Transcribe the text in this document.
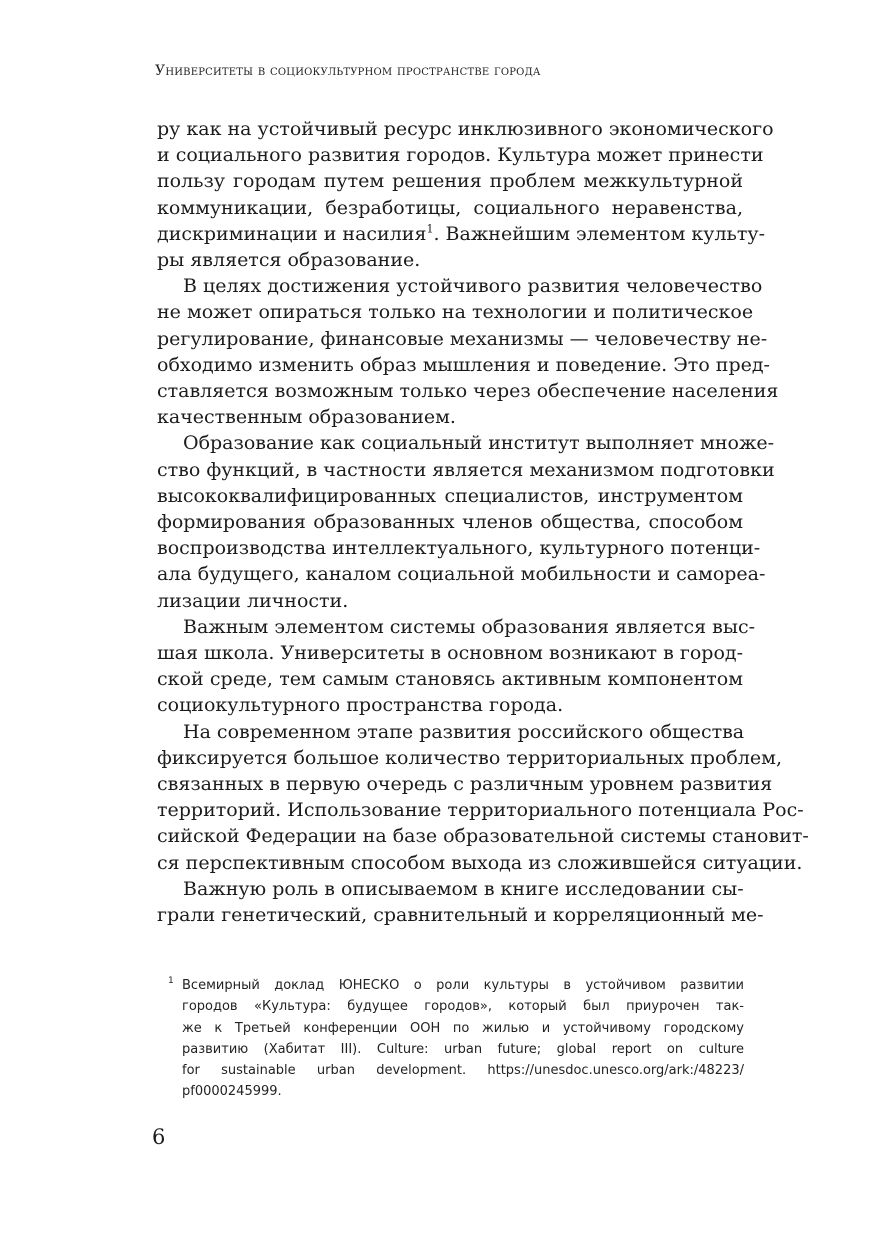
Университеты в социокультурном пространстве города
ру как на устойчивый ресурс инклюзивного экономического
и социального развития городов. Культура может принести
пользу городам путем решения проблем межкультурной
коммуникации, безработицы, социального неравенства,
дискриминации и насилия$^1$. Важнейшим элементом культу-
ры является образование.
В целях достижения устойчивого развития человечество
не может опираться только на технологии и политическое
регулирование, финансовые механизмы — человечеству не-
обходимо изменить образ мышления и поведение. Это пред-
ставляется возможным только через обеспечение населения
качественным образованием.
Образование как социальный институт выполняет множе-
ство функций, в частности является механизмом подготовки
высококвалифицированных специалистов, инструментом
формирования образованных членов общества, способом
воспроизводства интеллектуального, культурного потенци-
ала будущего, каналом социальной мобильности и самореа-
лизации личности.
Важным элементом системы образования является выс-
шая школа. Университеты в основном возникают в город-
ской среде, тем самым становясь активным компонентом
социокультурного пространства города.
На современном этапе развития российского общества
фиксируется большое количество территориальных проблем,
связанных в первую очередь с различным уровнем развития
территорий. Использование территориального потенциала Рос-
сийской Федерации на базе образовательной системы становит-
ся перспективным способом выхода из сложившейся ситуации.
Важную роль в описываемом в книге исследовании сы-
грали генетический, сравнительный и корреляционный ме-
1 Всемирный доклад ЮНЕСКО о роли культуры в устойчивом развитии
городов «Культура: будущее городов», который был приурочен так-
же к Третьей конференции ООН по жилью и устойчивому городскому
развитию (Хабитат III). Culture: urban future; global report on culture
for sustainable urban development. https://unesdoc.unesco.org/ark:/48223/
pf0000245999.
6
